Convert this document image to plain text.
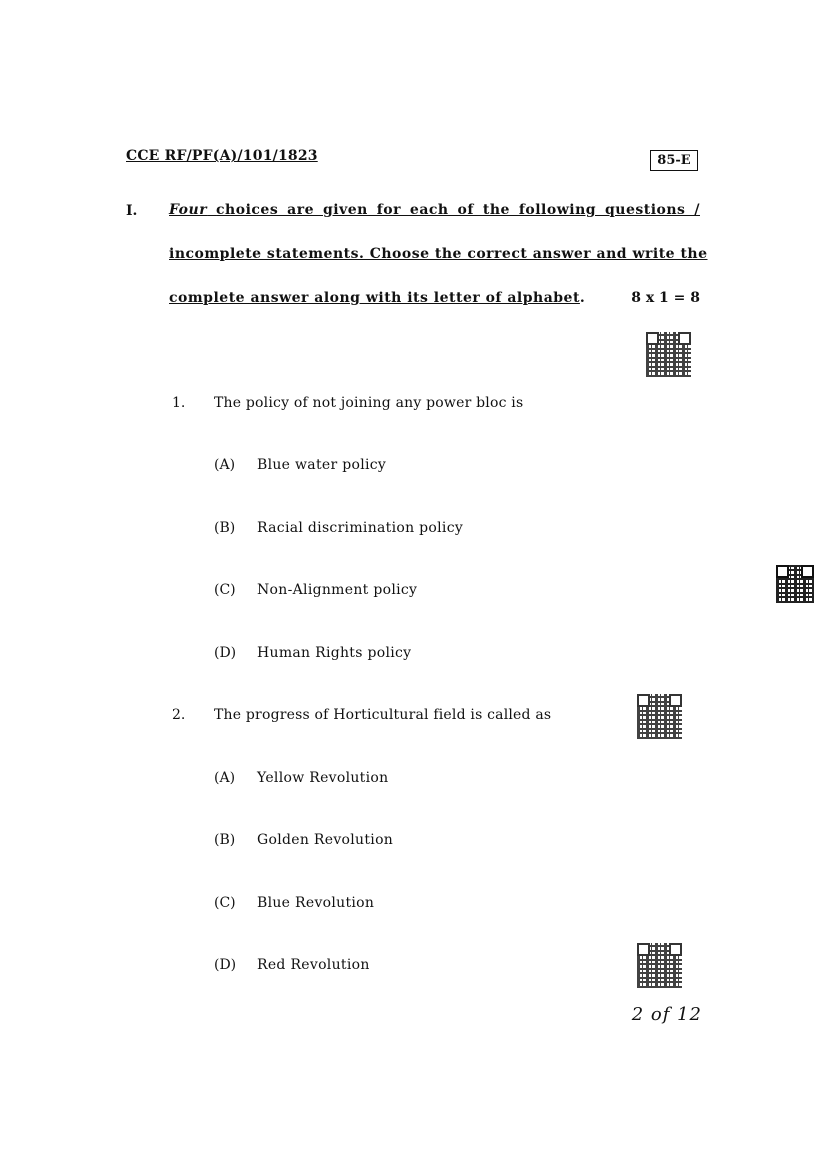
CCE RF/PF(A)/101/1823	85-E
I. Four choices are given for each of the following questions /
incomplete statements. Choose the correct answer and write the
complete answer along with its letter of alphabet.	8 x 1 = 8
1. The policy of not joining any power bloc is
(A) Blue water policy
(B) Racial discrimination policy
(C) Non-Alignment policy
(D) Human Rights policy
2. The progress of Horticultural field is called as
(A) Yellow Revolution
(B) Golden Revolution
(C) Blue Revolution
(D) Red Revolution
2 of 12
